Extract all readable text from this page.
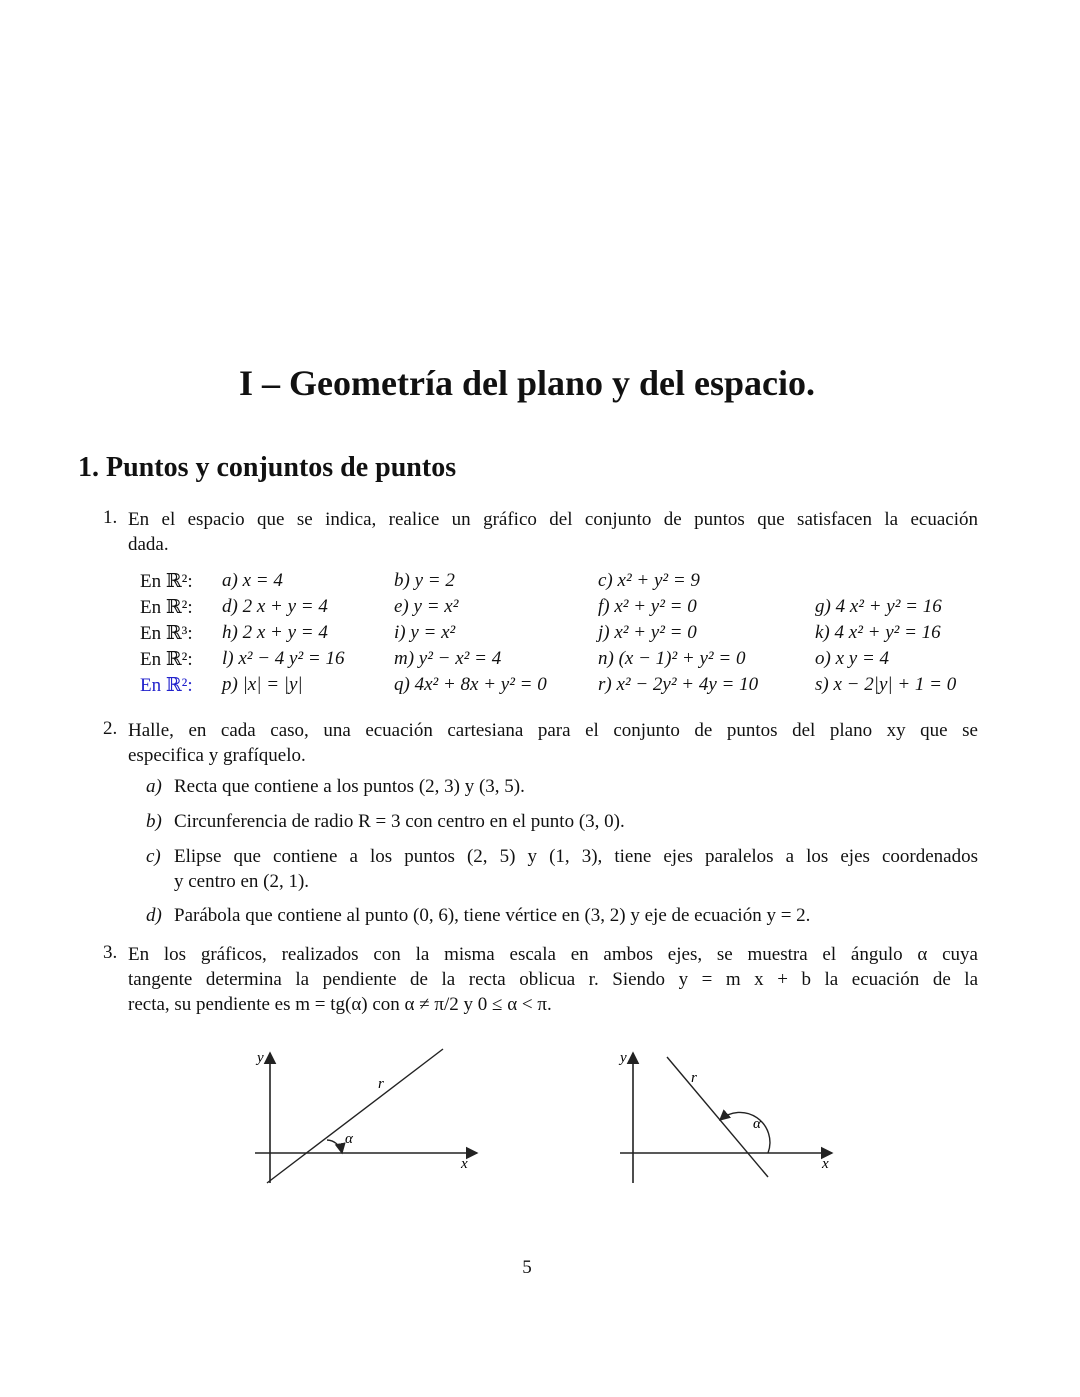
I – Geometría del plano y del espacio.
1. Puntos y conjuntos de puntos
1. En el espacio que se indica, realice un gráfico del conjunto de puntos que satisfacen la ecuación
dada.
En ℝ²: a) x = 4	b) y = 2	c) x² + y² = 9
En ℝ²: d) 2 x + y = 4	e) y = x²	f) x² + y² = 0	g) 4 x² + y² = 16
En ℝ³: h) 2 x + y = 4	i) y = x²	j) x² + y² = 0	k) 4 x² + y² = 16
En ℝ²: l) x² − 4 y² = 16	m) y² − x² = 4	n) (x − 1)² + y² = 0	o) x y = 4
En ℝ²: p) |x| = |y|	q) 4x² + 8x + y² = 0	r) x² − 2y² + 4y = 10	s) x − 2|y| + 1 = 0
2. Halle, en cada caso, una ecuación cartesiana para el conjunto de puntos del plano xy que se
especifica y grafíquelo.
a) Recta que contiene a los puntos (2, 3) y (3, 5).
b) Circunferencia de radio R = 3 con centro en el punto (3, 0).
c) Elipse que contiene a los puntos (2, 5) y (1, 3), tiene ejes paralelos a los ejes coordenados
y centro en (2, 1).
d) Parábola que contiene al punto (0, 6), tiene vértice en (3, 2) y eje de ecuación y = 2.
3. En los gráficos, realizados con la misma escala en ambos ejes, se muestra el ángulo α cuya
tangente determina la pendiente de la recta oblicua r. Siendo y = m x + b la ecuación de la
recta, su pendiente es m = tg(α) con α ≠ π/2 y 0 ≤ α < π.
y
x
r
α
y
x
r
α
5
